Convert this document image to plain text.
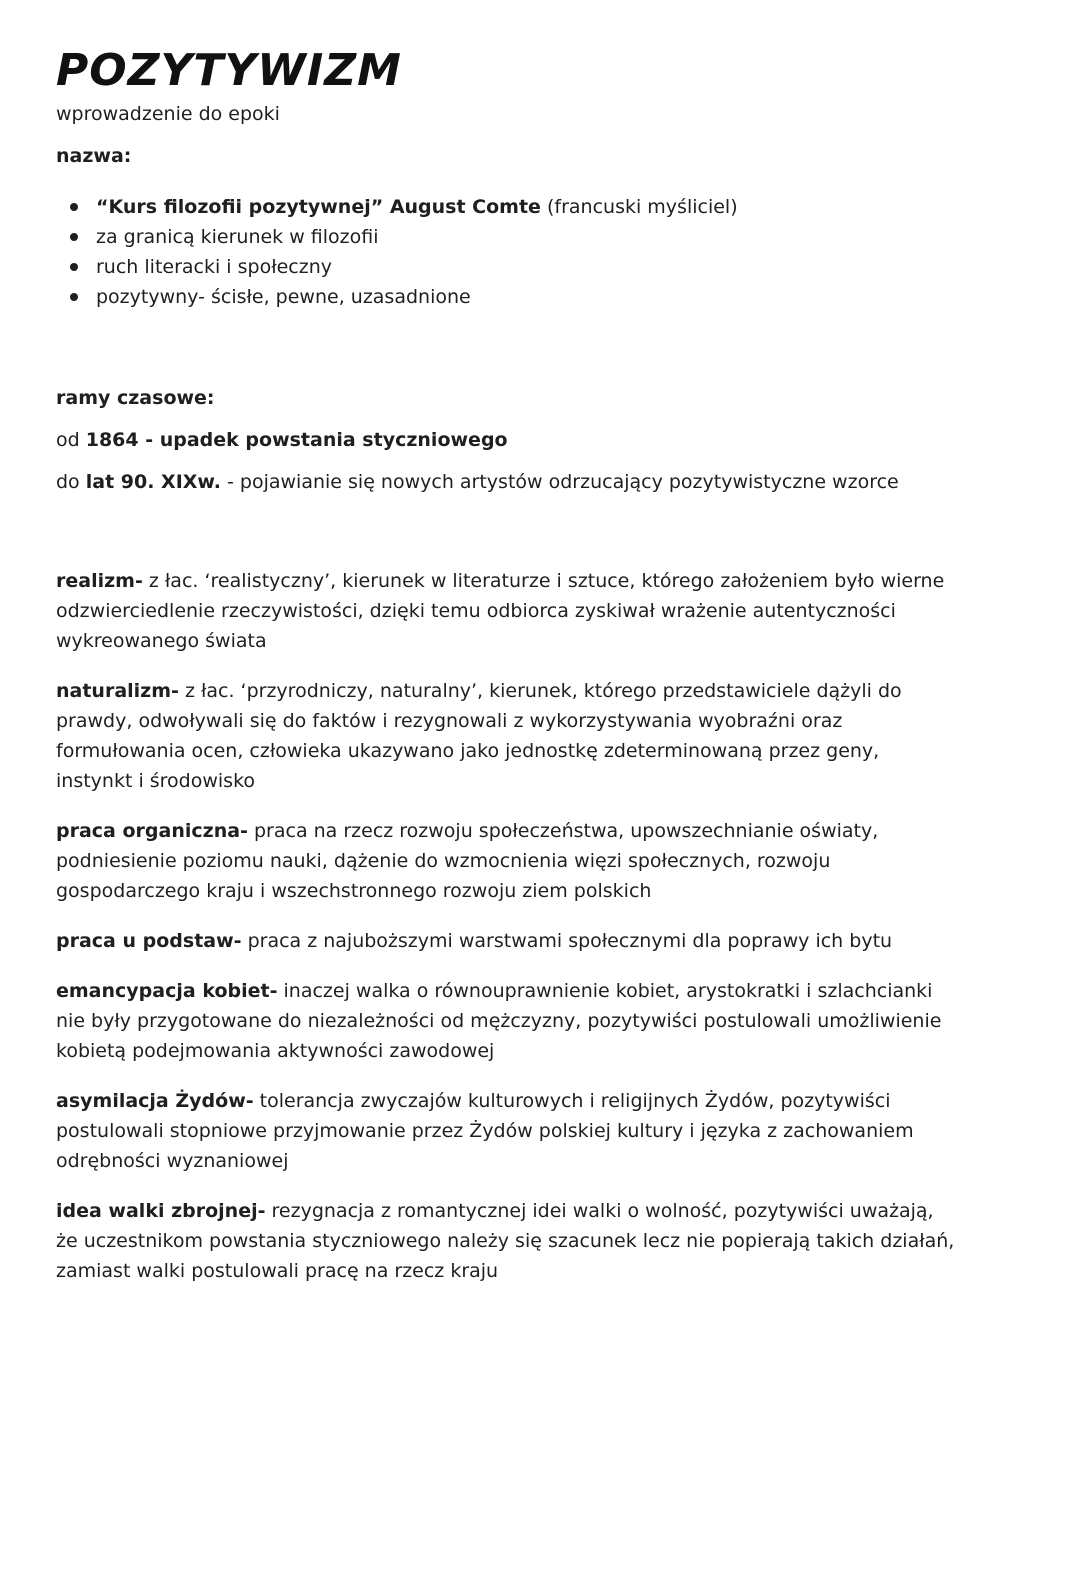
POZYTYWIZM

wprowadzenie do epoki

nazwa:

“Kurs filozofii pozytywnej” August Comte (francuski myśliciel)
za granicą kierunek w filozofii
ruch literacki i społeczny
pozytywny- ścisłe, pewne, uzasadnione

ramy czasowe:

od 1864 - upadek powstania styczniowego

do lat 90. XIXw. - pojawianie się nowych artystów odrzucający pozytywistyczne wzorce

realizm- z łac. ‘realistyczny’, kierunek w literaturze i sztuce, którego założeniem było wierne odzwierciedlenie rzeczywistości, dzięki temu odbiorca zyskiwał wrażenie autentyczności wykreowanego świata

naturalizm- z łac. ‘przyrodniczy, naturalny’, kierunek, którego przedstawiciele dążyli do prawdy, odwoływali się do faktów i rezygnowali z wykorzystywania wyobraźni oraz formułowania ocen, człowieka ukazywano jako jednostkę zdeterminowaną przez geny, instynkt i środowisko

praca organiczna- praca na rzecz rozwoju społeczeństwa, upowszechnianie oświaty, podniesienie poziomu nauki, dążenie do wzmocnienia więzi społecznych, rozwoju gospodarczego kraju i wszechstronnego rozwoju ziem polskich

praca u podstaw- praca z najuboższymi warstwami społecznymi dla poprawy ich bytu

emancypacja kobiet- inaczej walka o równouprawnienie kobiet, arystokratki i szlachcianki nie były przygotowane do niezależności od mężczyzny, pozytywiści postulowali umożliwienie kobietą podejmowania aktywności zawodowej

asymilacja Żydów- tolerancja zwyczajów kulturowych i religijnych Żydów, pozytywiści postulowali stopniowe przyjmowanie przez Żydów polskiej kultury i języka z zachowaniem odrębności wyznaniowej

idea walki zbrojnej- rezygnacja z romantycznej idei walki o wolność, pozytywiści uważają, że uczestnikom powstania styczniowego należy się szacunek lecz nie popierają takich działań, zamiast walki postulowali pracę na rzecz kraju
